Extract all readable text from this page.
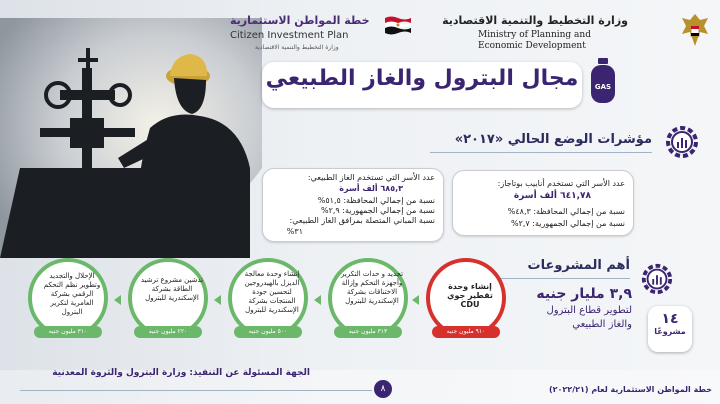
وزارة التخطيط والتنمية الاقتصادية
Ministry of Planning and Economic Development
خطة المواطن الاستثمارية
Citizen Investment Plan
وزارة التخطيط والتنمية الاقتصادية
مجال البترول والغاز الطبيعي	GAS
مؤشرات الوضع الحالي «٢٠١٧»
عدد الأسر التي تستخدم أنابيب بوتاجاز:
٦٤١,٧٨ ألف أسرة
نسبة من إجمالي المحافظة: ٤٨,٣%
نسبة من إجمالي الجمهورية: ٢,٧%
عدد الأسر التي تستخدم الغاز الطبيعي:
٦٨٥,٣ ألف أسرة
نسبة من إجمالي المحافظة: ٥١,٥%
نسبة من إجمالي الجمهورية: ٢,٩%
نسبة المباني المتصلة بمرافق الغاز الطبيعي:
٣١%
أهم المشروعات
٣,٩ مليار جنيه
لتطوير قطاع البترول
والغاز الطبيعي	١٤
مشروعًا
إنشاء وحدة تقطير جوي CDU
٩١٠ مليون جنيه
تجديد و حدات التكرير وأجهزة التحكم وإزالة الاختناقات بشركة الإسكندرية للبترول
٣١٣ مليون جنيه
إنشاء وحدة معالجة الديزل بالهيدروجين لتحسين جودة المنتجات بشركة الإسكندرية للبترول
٥٠٠ مليون جنيه
تدشين مشروع ترشيد الطاقة بشركة الإسكندرية للبترول
٢٢٠ مليون جنيه
الإحلال والتجديد وتطوير نظم التحكم الرقمي بشركة العامرية لتكرير البترول
٣١٠ مليون جنيه
الجهة المسئولة عن التنفيذ: وزارة البترول والثروة المعدنية
٨	خطة المواطن الاستثمارية لعام (٢٠٢٢/٢١)
